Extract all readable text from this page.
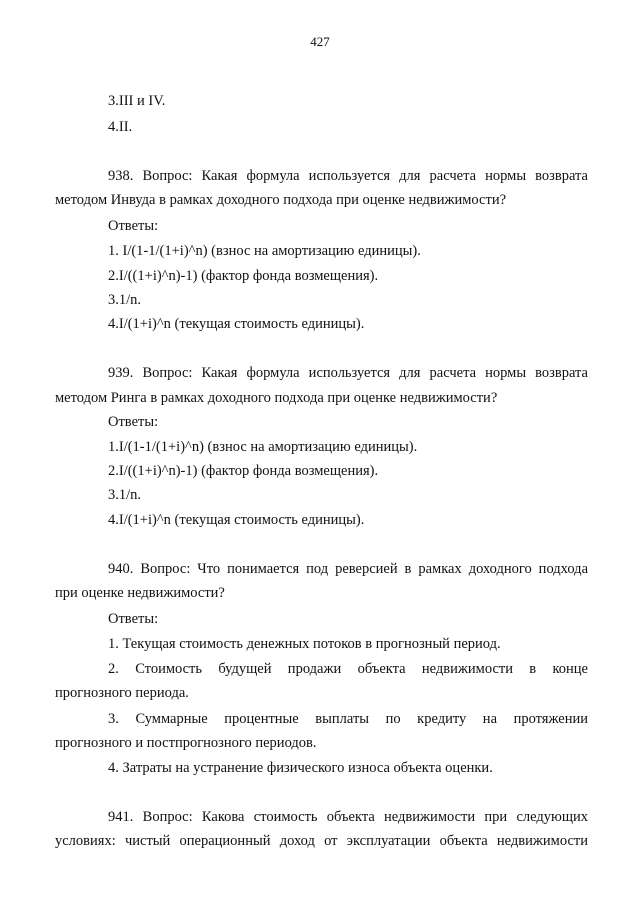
427
3.III и IV.
4.II.
938. Вопрос: Какая формула используется для расчета нормы возврата
методом Инвуда в рамках доходного подхода при оценке недвижимости?
Ответы:
1. I/(1-1/(1+i)^n) (взнос на амортизацию единицы).
2.I/((1+i)^n)-1) (фактор фонда возмещения).
3.1/n.
4.I/(1+i)^n (текущая стоимость единицы).
939. Вопрос: Какая формула используется для расчета нормы возврата
методом Ринга в рамках доходного подхода при оценке недвижимости?
Ответы:
1.I/(1-1/(1+i)^n) (взнос на амортизацию единицы).
2.I/((1+i)^n)-1) (фактор фонда возмещения).
3.1/n.
4.I/(1+i)^n (текущая стоимость единицы).
940. Вопрос: Что понимается под реверсией в рамках доходного подхода
при оценке недвижимости?
Ответы:
1. Текущая стоимость денежных потоков в прогнозный период.
2. Стоимость будущей продажи объекта недвижимости в конце
прогнозного периода.
3. Суммарные процентные выплаты по кредиту на протяжении
прогнозного и постпрогнозного периодов.
4. Затраты на устранение физического износа объекта оценки.
941. Вопрос: Какова стоимость объекта недвижимости при следующих
условиях: чистый операционный доход от эксплуатации объекта недвижимости
